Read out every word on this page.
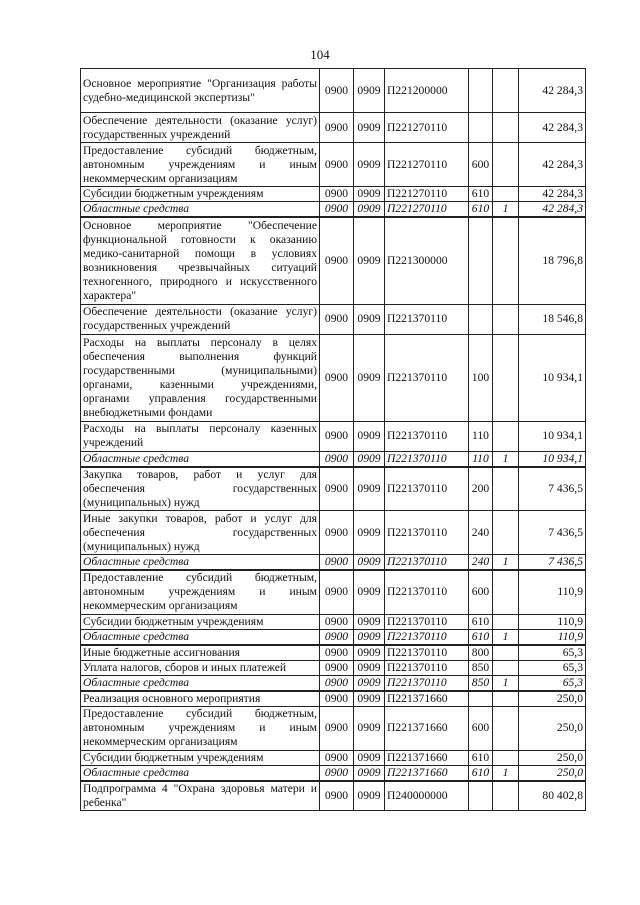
104
Основное мероприятие "Организация работы судебно-медицинской экспертизы"	0900	0909	П221200000			42 284,3
Обеспечение деятельности (оказание услуг) государственных учреждений	0900	0909	П221270110			42 284,3
Предоставление субсидий бюджетным, автономным учреждениям и иным некоммерческим организациям	0900	0909	П221270110	600		42 284,3
Субсидии бюджетным учреждениям	0900	0909	П221270110	610		42 284,3
Областные средства	0900	0909	П221270110	610	1	42 284,3
Основное мероприятие "Обеспечение функциональной готовности к оказанию медико-санитарной помощи в условиях возникновения чрезвычайных ситуаций техногенного, природного и искусственного характера"	0900	0909	П221300000			18 796,8
Обеспечение деятельности (оказание услуг) государственных учреждений	0900	0909	П221370110			18 546,8
Расходы на выплаты персоналу в целях обеспечения выполнения функций государственными (муниципальными) органами, казенными учреждениями, органами управления государственными внебюджетными фондами	0900	0909	П221370110	100		10 934,1
Расходы на выплаты персоналу казенных учреждений	0900	0909	П221370110	110		10 934,1
Областные средства	0900	0909	П221370110	110	1	10 934,1
Закупка товаров, работ и услуг для обеспечения государственных (муниципальных) нужд	0900	0909	П221370110	200		7 436,5
Иные закупки товаров, работ и услуг для обеспечения государственных (муниципальных) нужд	0900	0909	П221370110	240		7 436,5
Областные средства	0900	0909	П221370110	240	1	7 436,5
Предоставление субсидий бюджетным, автономным учреждениям и иным некоммерческим организациям	0900	0909	П221370110	600		110,9
Субсидии бюджетным учреждениям	0900	0909	П221370110	610		110,9
Областные средства	0900	0909	П221370110	610	1	110,9
Иные бюджетные ассигнования	0900	0909	П221370110	800		65,3
Уплата налогов, сборов и иных платежей	0900	0909	П221370110	850		65,3
Областные средства	0900	0909	П221370110	850	1	65,3
Реализация основного мероприятия	0900	0909	П221371660			250,0
Предоставление субсидий бюджетным, автономным учреждениям и иным некоммерческим организациям	0900	0909	П221371660	600		250,0
Субсидии бюджетным учреждениям	0900	0909	П221371660	610		250,0
Областные средства	0900	0909	П221371660	610	1	250,0
Подпрограмма 4 "Охрана здоровья матери и ребенка"	0900	0909	П240000000			80 402,8
